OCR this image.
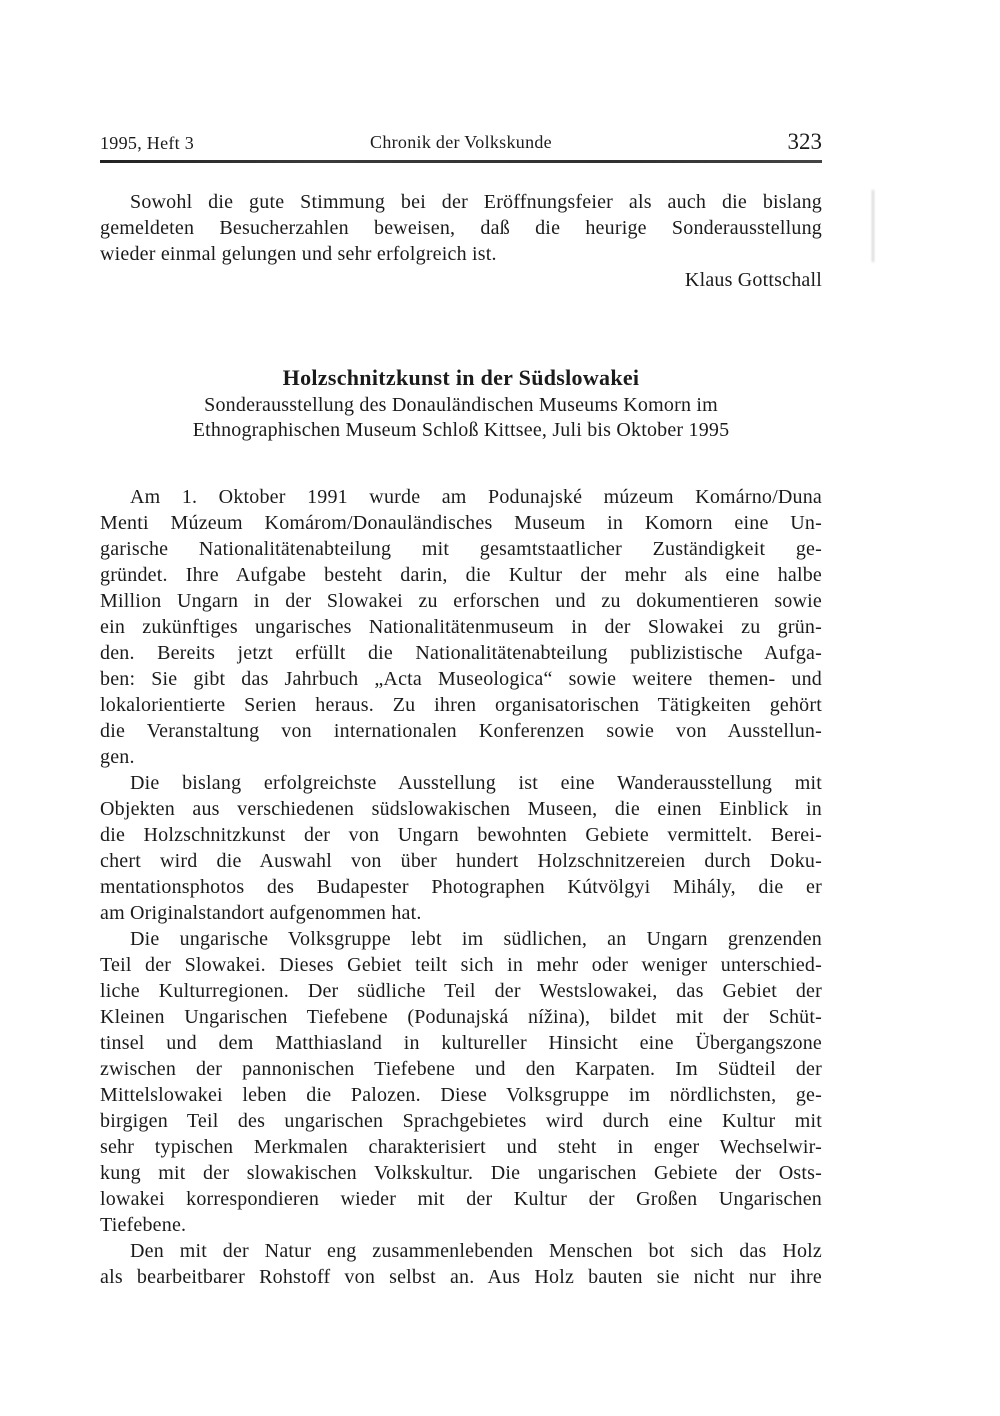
1995, Heft 3	Chronik der Volkskunde	323
Sowohl die gute Stimmung bei der Eröffnungsfeier als auch die bislang
gemeldeten Besucherzahlen beweisen, daß die heurige Sonderausstellung
wieder einmal gelungen und sehr erfolgreich ist.
Klaus Gottschall
Holzschnitzkunst in der Südslowakei
Sonderausstellung des Donauländischen Museums Komorn im
Ethnographischen Museum Schloß Kittsee, Juli bis Oktober 1995
Am 1. Oktober 1991 wurde am Podunajské múzeum Komárno/Duna
Menti Múzeum Komárom/Donauländisches Museum in Komorn eine Un-
garische Nationalitätenabteilung mit gesamtstaatlicher Zuständigkeit ge-
gründet. Ihre Aufgabe besteht darin, die Kultur der mehr als eine halbe
Million Ungarn in der Slowakei zu erforschen und zu dokumentieren sowie
ein zukünftiges ungarisches Nationalitätenmuseum in der Slowakei zu grün-
den. Bereits jetzt erfüllt die Nationalitätenabteilung publizistische Aufga-
ben: Sie gibt das Jahrbuch „Acta Museologica“ sowie weitere themen- und
lokalorientierte Serien heraus. Zu ihren organisatorischen Tätigkeiten gehört
die Veranstaltung von internationalen Konferenzen sowie von Ausstellun-
gen.
Die bislang erfolgreichste Ausstellung ist eine Wanderausstellung mit
Objekten aus verschiedenen südslowakischen Museen, die einen Einblick in
die Holzschnitzkunst der von Ungarn bewohnten Gebiete vermittelt. Berei-
chert wird die Auswahl von über hundert Holzschnitzereien durch Doku-
mentationsphotos des Budapester Photographen Kútvölgyi Mihály, die er
am Originalstandort aufgenommen hat.
Die ungarische Volksgruppe lebt im südlichen, an Ungarn grenzenden
Teil der Slowakei. Dieses Gebiet teilt sich in mehr oder weniger unterschied-
liche Kulturregionen. Der südliche Teil der Westslowakei, das Gebiet der
Kleinen Ungarischen Tiefebene (Podunajská nížina), bildet mit der Schüt-
tinsel und dem Matthiasland in kultureller Hinsicht eine Übergangszone
zwischen der pannonischen Tiefebene und den Karpaten. Im Südteil der
Mittelslowakei leben die Palozen. Diese Volksgruppe im nördlichsten, ge-
birgigen Teil des ungarischen Sprachgebietes wird durch eine Kultur mit
sehr typischen Merkmalen charakterisiert und steht in enger Wechselwir-
kung mit der slowakischen Volkskultur. Die ungarischen Gebiete der Osts-
lowakei korrespondieren wieder mit der Kultur der Großen Ungarischen
Tiefebene.
Den mit der Natur eng zusammenlebenden Menschen bot sich das Holz
als bearbeitbarer Rohstoff von selbst an. Aus Holz bauten sie nicht nur ihre
